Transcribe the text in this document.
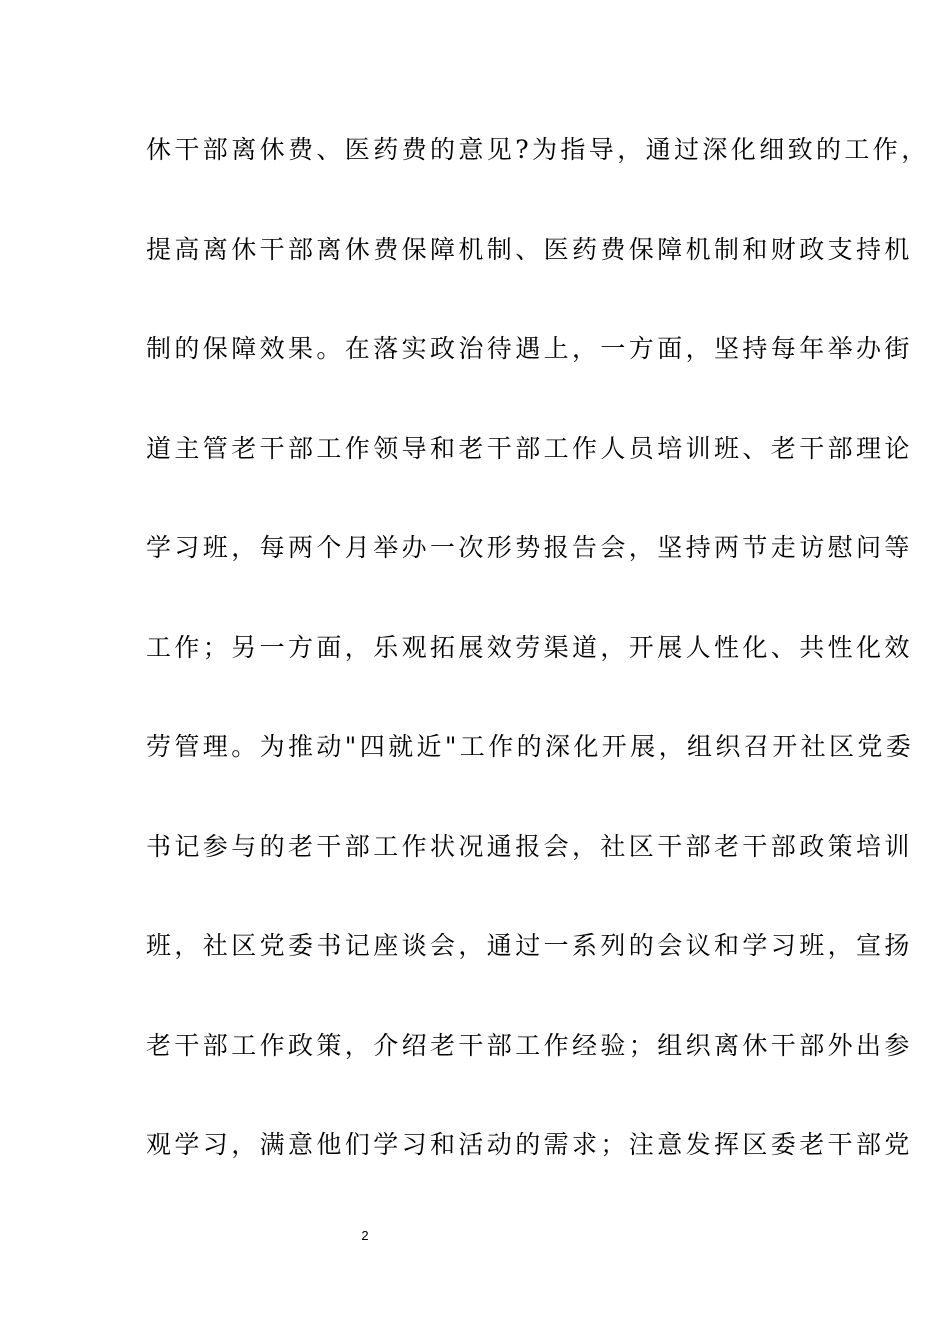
休干部离休费、医药费的意见?为指导，通过深化细致的工作，
提高离休干部离休费保障机制、医药费保障机制和财政支持机
制的保障效果。在落实政治待遇上，一方面，坚持每年举办街
道主管老干部工作领导和老干部工作人员培训班、老干部理论
学习班，每两个月举办一次形势报告会，坚持两节走访慰问等
工作；另一方面，乐观拓展效劳渠道，开展人性化、共性化效
劳管理。为推动"四就近"工作的深化开展，组织召开社区党委
书记参与的老干部工作状况通报会，社区干部老干部政策培训
班，社区党委书记座谈会，通过一系列的会议和学习班，宣扬
老干部工作政策，介绍老干部工作经验；组织离休干部外出参
观学习，满意他们学习和活动的需求；注意发挥区委老干部党
2
